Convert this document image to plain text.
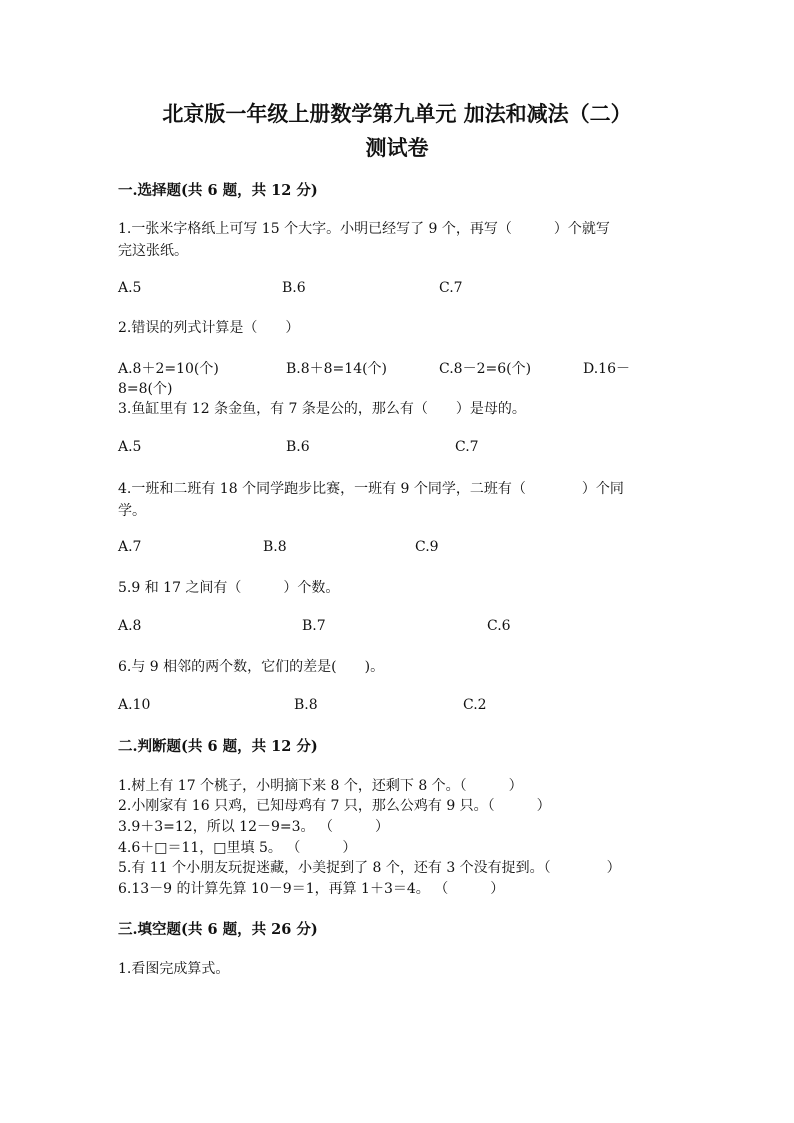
北京版一年级上册数学第九单元 加法和减法（二）
测试卷
一.选择题(共 6 题，共 12 分)
1.一张米字格纸上可写 15 个大字。小明已经写了 9 个，再写（　　　）个就写
完这张纸。
A.5	B.6	C.7
2.错误的列式计算是（　　）
A.8＋2=10(个)	B.8＋8=14(个)	C.8－2=6(个)	D.16－
8=8(个)
3.鱼缸里有 12 条金鱼，有 7 条是公的，那么有（　　）是母的。
A.5	B.6	C.7
4.一班和二班有 18 个同学跑步比赛，一班有 9 个同学，二班有（　　　　）个同
学。
A.7	B.8	C.9
5.9 和 17 之间有（　　　）个数。
A.8	B.7	C.6
6.与 9 相邻的两个数，它们的差是(　　)。
A.10	B.8	C.2
二.判断题(共 6 题，共 12 分)
1.树上有 17 个桃子，小明摘下来 8 个，还剩下 8 个。（　　　）
2.小刚家有 16 只鸡，已知母鸡有 7 只，那么公鸡有 9 只。（　　　）
3.9＋3=12，所以 12－9=3。 （　　　）
4.6＋□＝11，□里填 5。 （　　　）
5.有 11 个小朋友玩捉迷藏，小美捉到了 8 个，还有 3 个没有捉到。（　　　　）
6.13－9 的计算先算 10－9＝1，再算 1＋3＝4。 （　　　）
三.填空题(共 6 题，共 26 分)
1.看图完成算式。
